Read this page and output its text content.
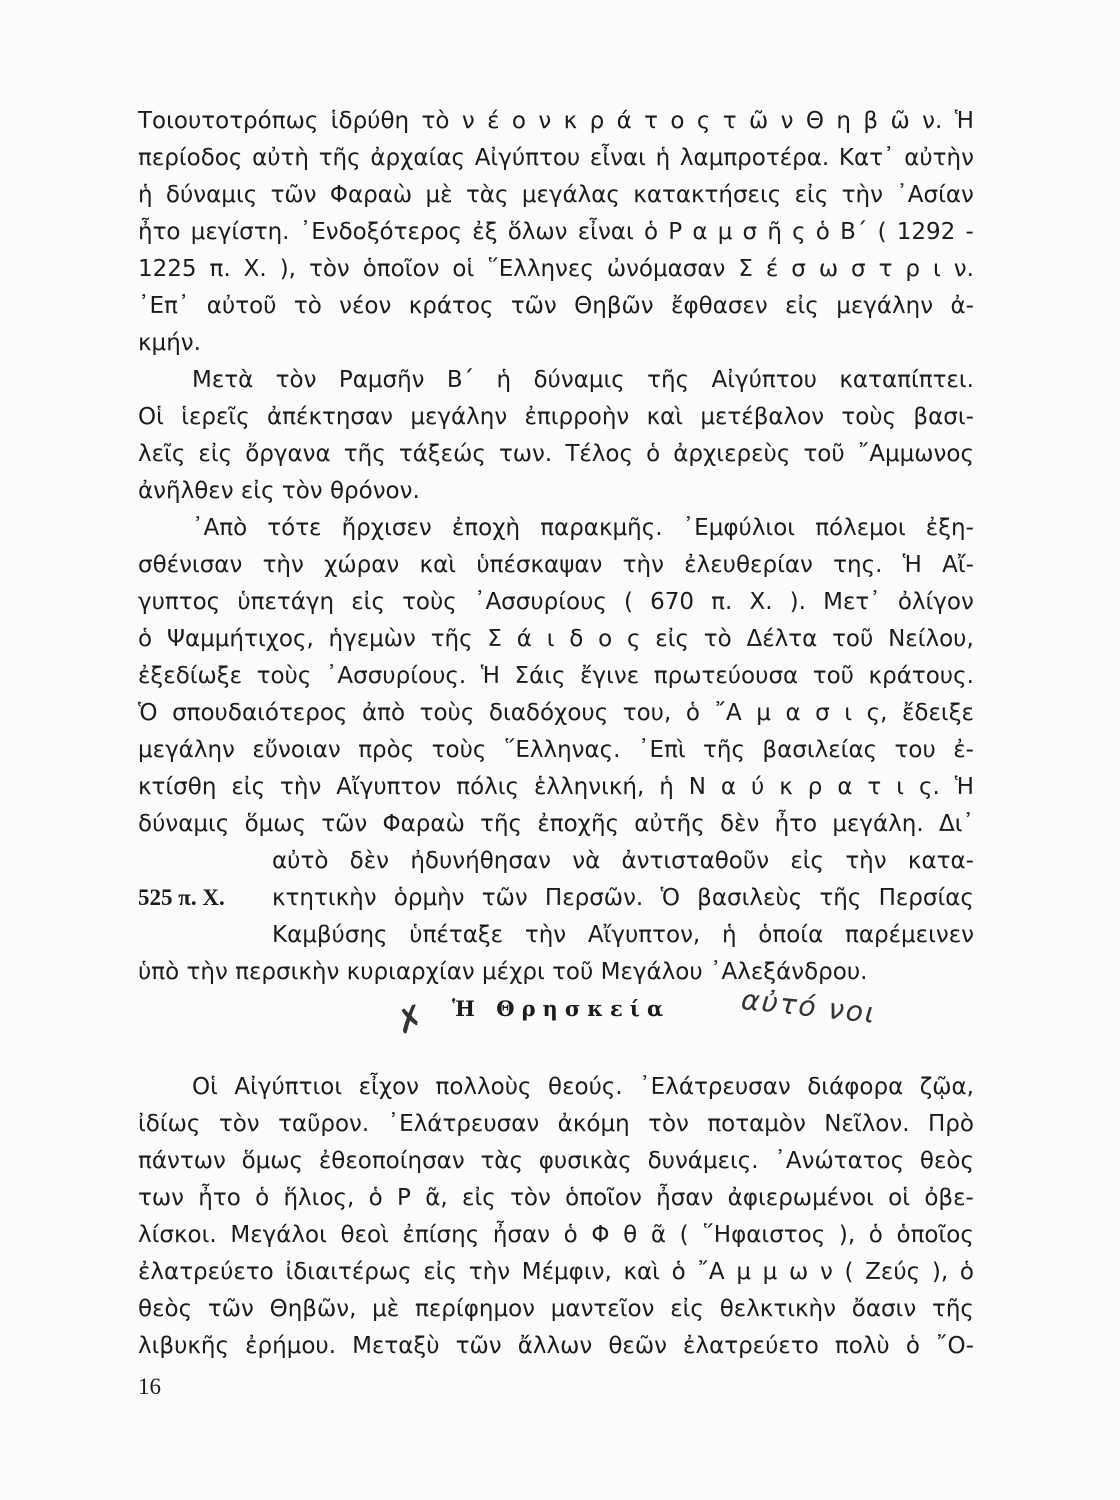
Τοιουτοτρόπως ἱδρύθη τὸ ν έ ο ν κ ρ ά τ ο ς τ ῶ ν Θ η β ῶ ν. Ἡ
περίοδος αὐτὴ τῆς ἀρχαίας Αἰγύπτου εἶναι ἡ λαμπροτέρα. Κατ᾿ αὐτὴν
ἡ δύναμις τῶν Φαραὼ μὲ τὰς μεγάλας κατακτήσεις εἰς τὴν ᾿Ασίαν
ἦτο μεγίστη. ᾿Ενδοξότερος ἐξ ὅλων εἶναι ὁ Ρ α μ σ ῆ ς ὁ Β΄ ( 1292 -
1225 π. Χ. ), τὸν ὁποῖον οἱ ῞Ελληνες ὠνόμασαν Σ έ σ ω σ τ ρ ι ν.
᾿Επ᾿ αὐτοῦ τὸ νέον κράτος τῶν Θηβῶν ἔφθασεν εἰς μεγάλην ἀ-
κμήν.
Μετὰ τὸν Ραμσῆν Β΄ ἡ δύναμις τῆς Αἰγύπτου καταπίπτει.
Οἱ ἱερεῖς ἀπέκτησαν μεγάλην ἐπιρροὴν καὶ μετέβαλον τοὺς βασι-
λεῖς εἰς ὄργανα τῆς τάξεώς των. Τέλος ὁ ἀρχιερεὺς τοῦ ῎Αμμωνος
ἀνῆλθεν εἰς τὸν θρόνον.
᾿Απὸ τότε ἤρχισεν ἐποχὴ παρακμῆς. ᾿Εμφύλιοι πόλεμοι ἐξη-
σθένισαν τὴν χώραν καὶ ὑπέσκαψαν τὴν ἐλευθερίαν της. Ἡ Αἴ-
γυπτος ὑπετάγη εἰς τοὺς ᾿Ασσυρίους ( 670 π. Χ. ). Μετ᾿ ὀλίγον
ὁ Ψαμμήτιχος, ἡγεμὼν τῆς Σ ά ι δ ο ς εἰς τὸ Δέλτα τοῦ Νείλου,
ἐξεδίωξε τοὺς ᾿Ασσυρίους. Ἡ Σάις ἔγινε πρωτεύουσα τοῦ κράτους.
Ὁ σπουδαιότερος ἀπὸ τοὺς διαδόχους του, ὁ ῎Α μ α σ ι ς, ἔδειξε
μεγάλην εὔνοιαν πρὸς τοὺς ῞Ελληνας. ᾿Επὶ τῆς βασιλείας του ἐ-
κτίσθη εἰς τὴν Αἴγυπτον πόλις ἑλληνική, ἡ Ν α ύ κ ρ α τ ι ς. Ἡ
δύναμις ὅμως τῶν Φαραὼ τῆς ἐποχῆς αὐτῆς δὲν ἦτο μεγάλη. Δι᾿
αὐτὸ δὲν ἠδυνήθησαν νὰ ἀντισταθοῦν εἰς τὴν κατα-
525 π. Χ. κτητικὴν ὁρμὴν τῶν Περσῶν. Ὁ βασιλεὺς τῆς Περσίας
Καμβύσης ὑπέταξε τὴν Αἴγυπτον, ἡ ὁποία παρέμεινεν
ὑπὸ τὴν περσικὴν κυριαρχίαν μέχρι τοῦ Μεγάλου ᾿Αλεξάνδρου.
✗ Ἡ Θρησκεία αὐτό νοι
Οἱ Αἰγύπτιοι εἶχον πολλοὺς θεούς. ᾿Ελάτρευσαν διάφορα ζῷα,
ἰδίως τὸν ταῦρον. ᾿Ελάτρευσαν ἀκόμη τὸν ποταμὸν Νεῖλον. Πρὸ
πάντων ὅμως ἐθεοποίησαν τὰς φυσικὰς δυνάμεις. ᾿Ανώτατος θεὸς
των ἦτο ὁ ἥλιος, ὁ Ρ ᾶ, εἰς τὸν ὁποῖον ἦσαν ἀφιερωμένοι οἱ ὀβε-
λίσκοι. Μεγάλοι θεοὶ ἐπίσης ἦσαν ὁ Φ θ ᾶ ( ῞Ηφαιστος ), ὁ ὁποῖος
ἐλατρεύετο ἰδιαιτέρως εἰς τὴν Μέμφιν, καὶ ὁ ῎Α μ μ ω ν ( Ζεύς ), ὁ
θεὸς τῶν Θηβῶν, μὲ περίφημον μαντεῖον εἰς θελκτικὴν ὄασιν τῆς
λιβυκῆς ἐρήμου. Μεταξὺ τῶν ἄλλων θεῶν ἐλατρεύετο πολὺ ὁ ῎Ο-
16
